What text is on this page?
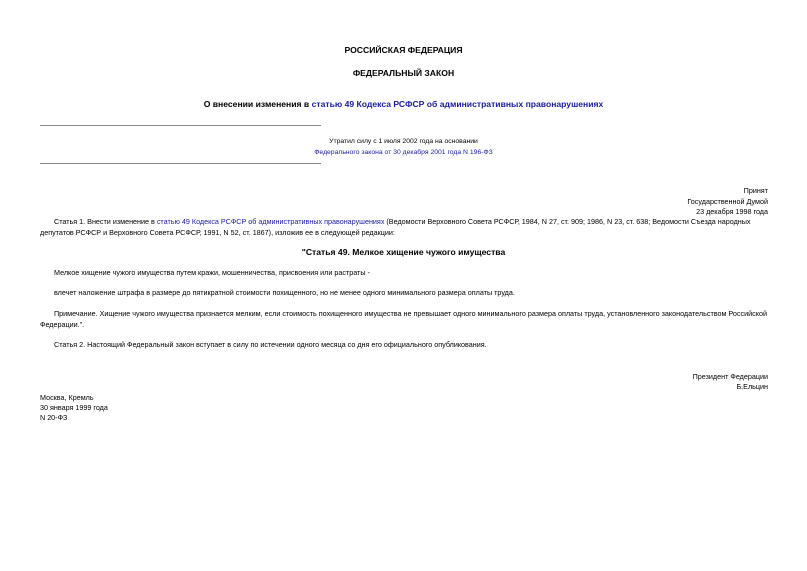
РОССИЙСКАЯ ФЕДЕРАЦИЯ
ФЕДЕРАЛЬНЫЙ ЗАКОН
О внесении изменения в статью 49 Кодекса РСФСР об административных правонарушениях
Утратил силу с 1 июля 2002 года на основании
Федерального закона от 30 декабря 2001 года N 196-ФЗ
Принят
Государственной Думой
23 декабря 1998 года
Статья 1. Внести изменение в статью 49 Кодекса РСФСР об административных правонарушениях (Ведомости Верховного Совета РСФСР, 1984, N 27, ст. 909; 1986, N 23, ст. 638; Ведомости Съезда народных депутатов РСФСР и Верховного Совета РСФСР, 1991, N 52, ст. 1867), изложив ее в следующей редакции:
"Статья 49. Мелкое хищение чужого имущества
Мелкое хищение чужого имущества путем кражи, мошенничества, присвоения или растраты -
влечет наложение штрафа в размере до пятикратной стоимости похищенного, но не менее одного минимального размера оплаты труда.
Примечание. Хищение чужого имущества признается мелким, если стоимость похищенного имущества не превышает одного минимального размера оплаты труда, установленного законодательством Российской Федерации.".
Статья 2. Настоящий Федеральный закон вступает в силу по истечении одного месяца со дня его официального опубликования.
Президент Федерации
Б.Ельцин
Москва, Кремль
30 января 1999 года
N 20-ФЗ
